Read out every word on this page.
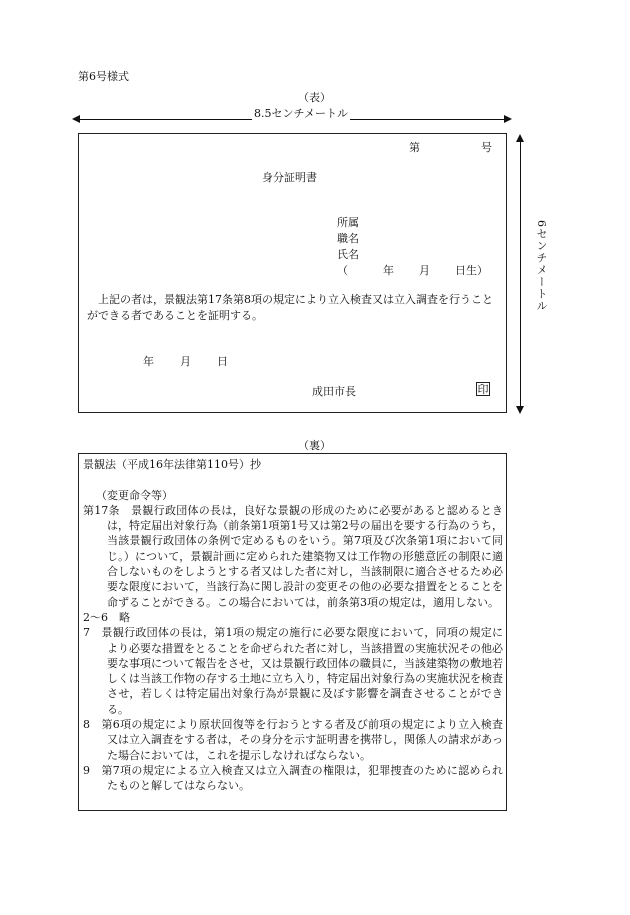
第6号様式
（表）
8.5センチメートル
6センチメートル
第	号
身分証明書
所属
職名
氏名
（	年 月 日生）
上記の者は，景観法第17条第8項の規定により立入検査又は立入調査を行うことができる者であることを証明する。
年 月 日
成田市長	印
（裏）

景観法（平成16年法律第110号）抄

（変更命令等）

第17条　景観行政団体の長は，良好な景観の形成のために必要があると認めるときは，特定届出対象行為（前条第1項第1号又は第2号の届出を要する行為のうち，当該景観行政団体の条例で定めるものをいう。第7項及び次条第1項において同じ。）について，景観計画に定められた建築物又は工作物の形態意匠の制限に適合しないものをしようとする者又はした者に対し，当該制限に適合させるため必要な限度において，当該行為に関し設計の変更その他の必要な措置をとることを命ずることができる。この場合においては，前条第3項の規定は，適用しない。

2〜6　略

7　景観行政団体の長は，第1項の規定の施行に必要な限度において，同項の規定により必要な措置をとることを命ぜられた者に対し，当該措置の実施状況その他必要な事項について報告をさせ，又は景観行政団体の職員に，当該建築物の敷地若しくは当該工作物の存する土地に立ち入り，特定届出対象行為の実施状況を検査させ，若しくは特定届出対象行為が景観に及ぼす影響を調査させることができる。

8　第6項の規定により原状回復等を行おうとする者及び前項の規定により立入検査又は立入調査をする者は，その身分を示す証明書を携帯し，関係人の請求があった場合においては，これを提示しなければならない。

9　第7項の規定による立入検査又は立入調査の権限は，犯罪捜査のために認められたものと解してはならない。
